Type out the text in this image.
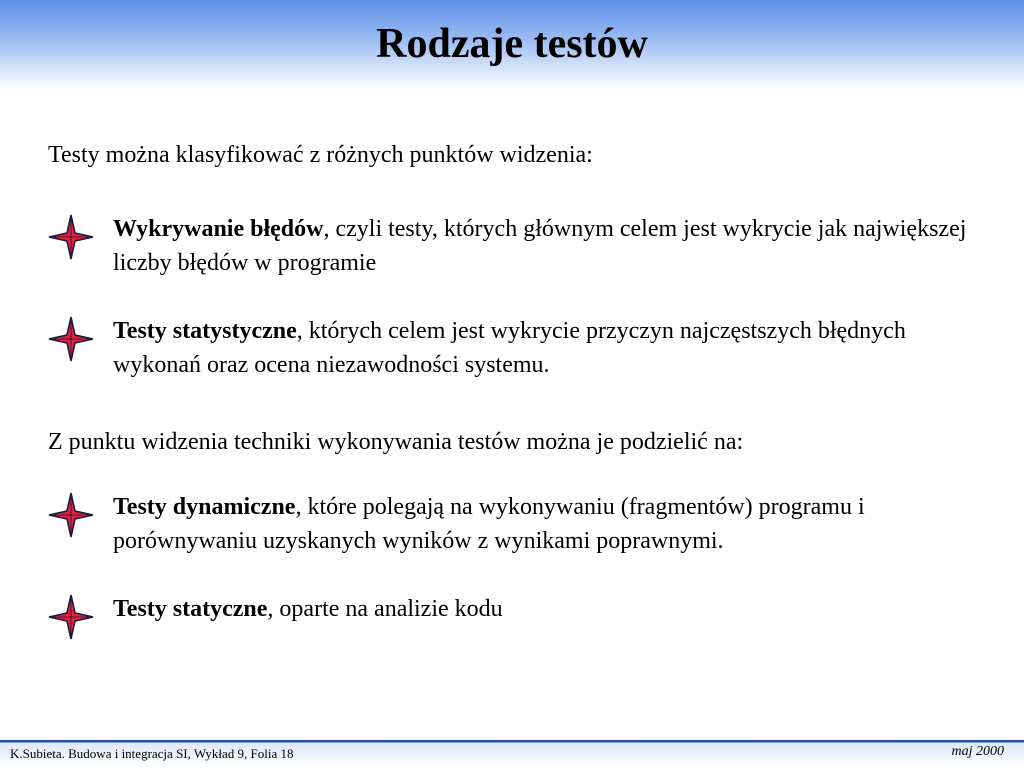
Rodzaje testów
Testy można klasyfikować z różnych punktów widzenia:
Wykrywanie błędów, czyli testy, których głównym celem jest wykrycie jak największej liczby błędów w programie
Testy statystyczne, których celem jest wykrycie przyczyn najczęstszych błędnych wykonań oraz ocena niezawodności systemu.
Z punktu widzenia techniki wykonywania testów można je podzielić na:
Testy dynamiczne, które polegają na wykonywaniu (fragmentów) programu i porównywaniu uzyskanych wyników z wynikami poprawnymi.
Testy statyczne, oparte na analizie kodu
K.Subieta. Budowa i integracja SI, Wykład 9, Folia 18	maj 2000
